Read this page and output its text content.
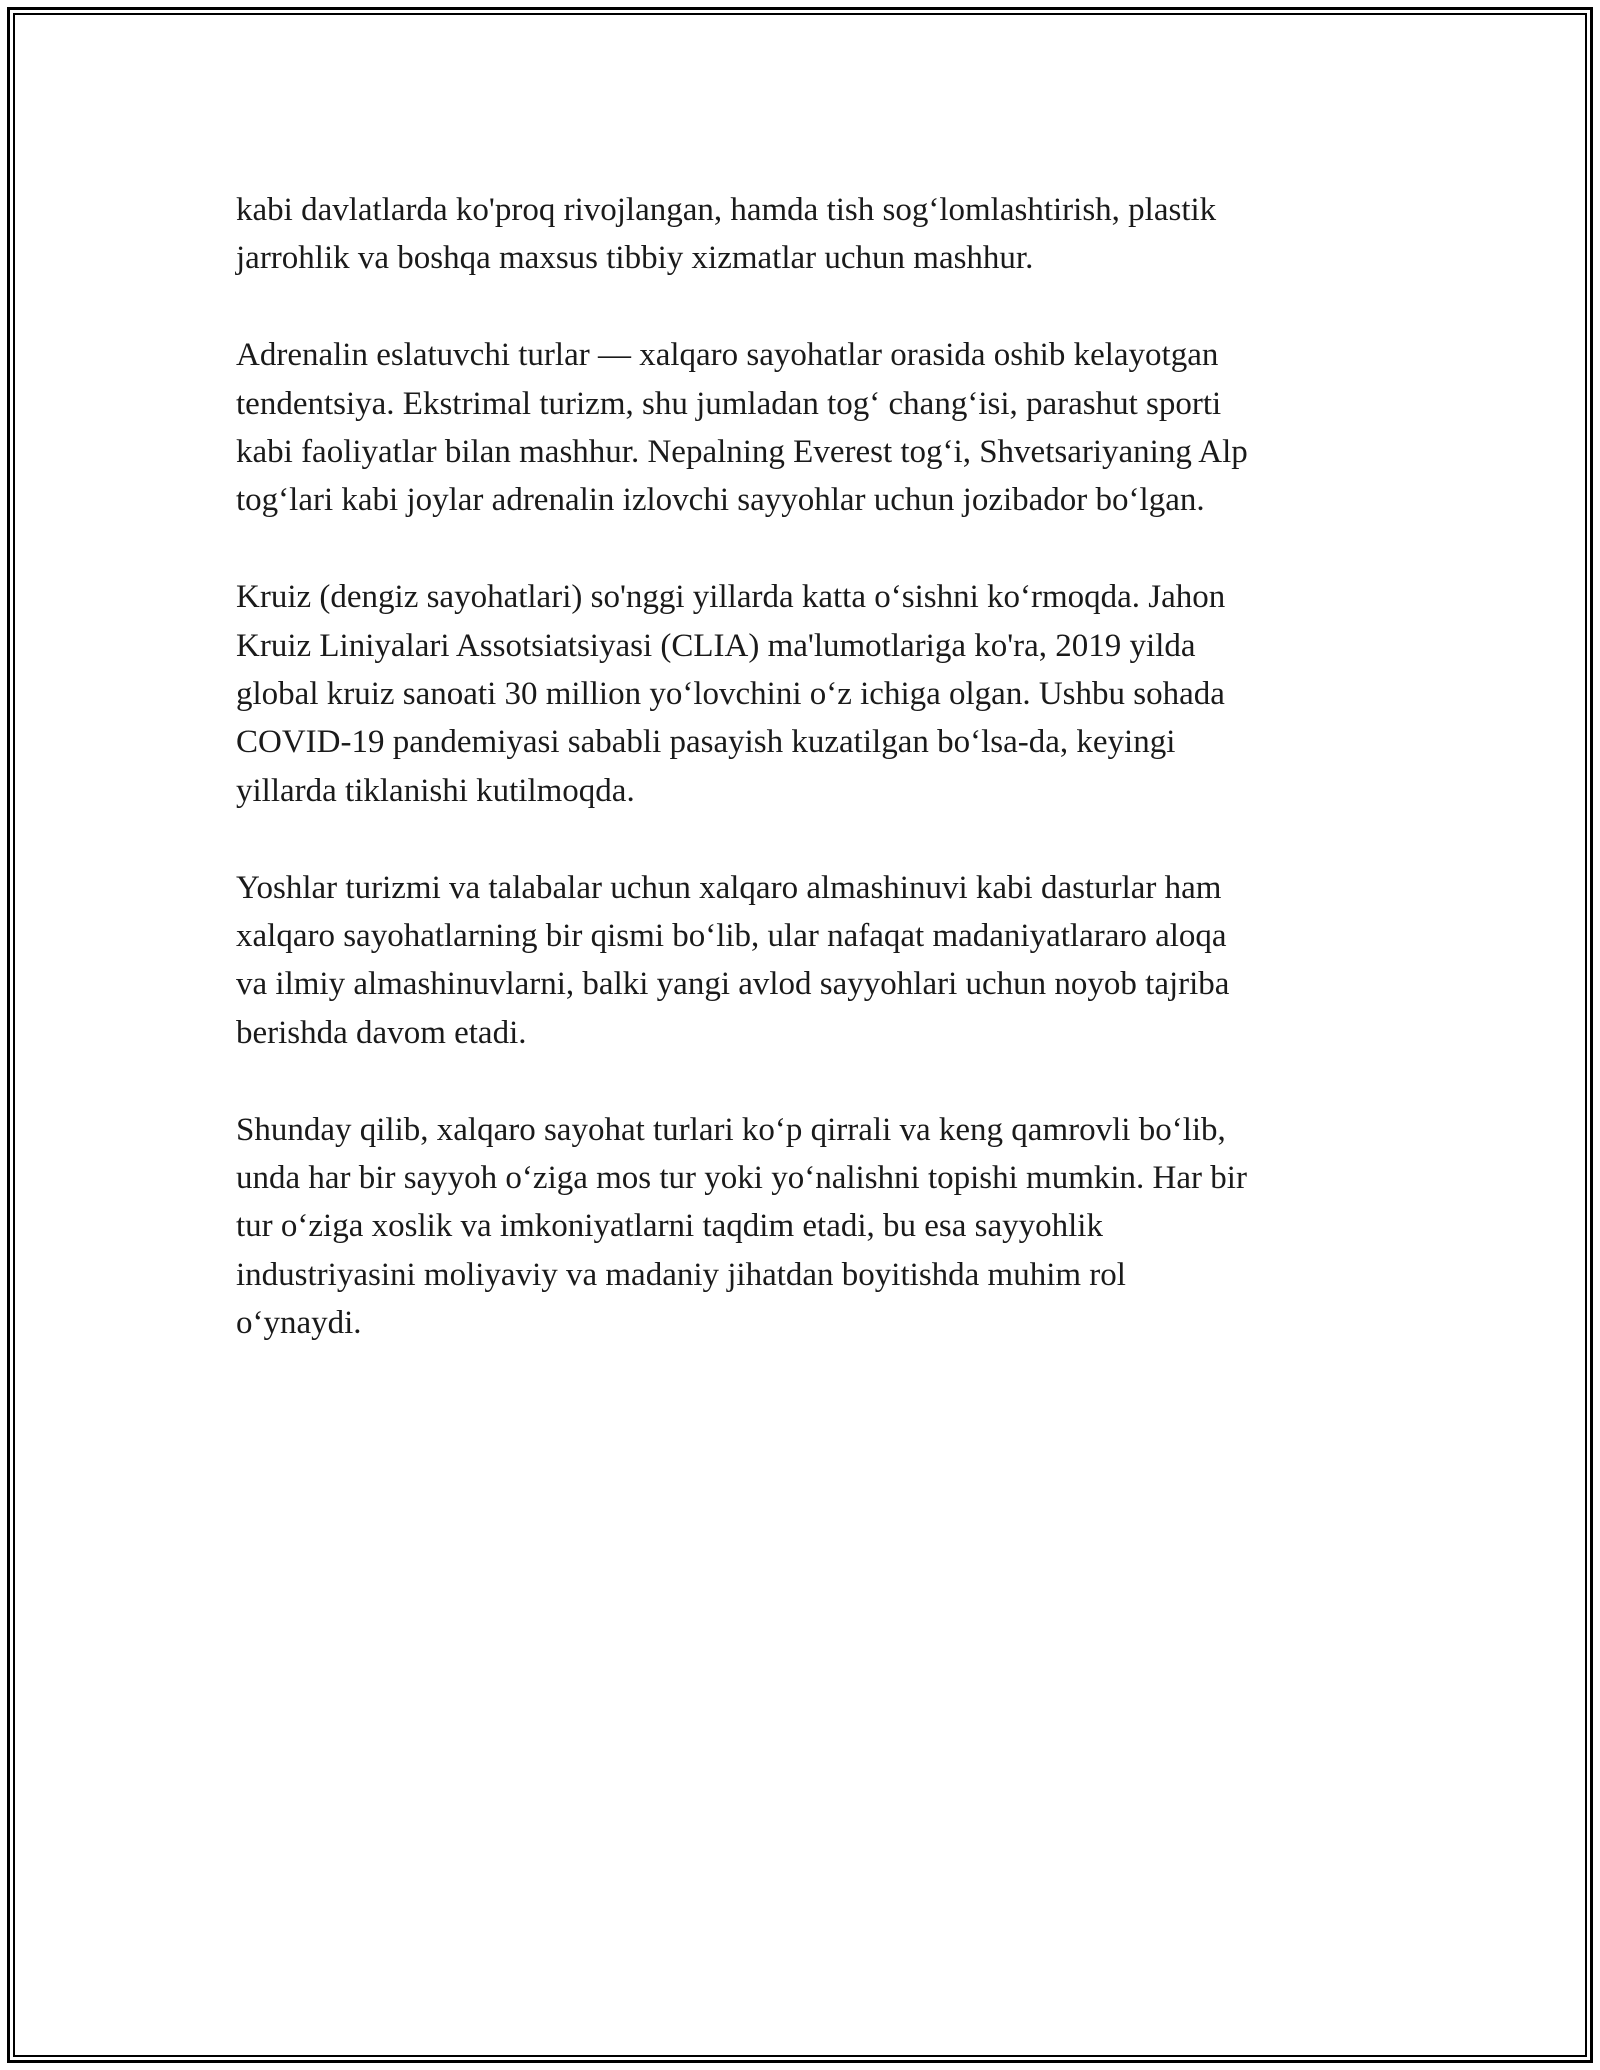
kabi davlatlarda ko'proq rivojlangan, hamda tish sog‘lomlashtirish, plastik
jarrohlik va boshqa maxsus tibbiy xizmatlar uchun mashhur.

Adrenalin eslatuvchi turlar — xalqaro sayohatlar orasida oshib kelayotgan
tendentsiya. Ekstrimal turizm, shu jumladan tog‘ chang‘isi, parashut sporti
kabi faoliyatlar bilan mashhur. Nepalning Everest tog‘i, Shvetsariyaning Alp
tog‘lari kabi joylar adrenalin izlovchi sayyohlar uchun jozibador bo‘lgan.

Kruiz (dengiz sayohatlari) so'nggi yillarda katta o‘sishni ko‘rmoqda. Jahon
Kruiz Liniyalari Assotsiatsiyasi (CLIA) ma'lumotlariga ko'ra, 2019 yilda
global kruiz sanoati 30 million yo‘lovchini o‘z ichiga olgan. Ushbu sohada
COVID-19 pandemiyasi sababli pasayish kuzatilgan bo‘lsa-da, keyingi
yillarda tiklanishi kutilmoqda.

Yoshlar turizmi va talabalar uchun xalqaro almashinuvi kabi dasturlar ham
xalqaro sayohatlarning bir qismi bo‘lib, ular nafaqat madaniyatlararo aloqa
va ilmiy almashinuvlarni, balki yangi avlod sayyohlari uchun noyob tajriba
berishda davom etadi.

Shunday qilib, xalqaro sayohat turlari ko‘p qirrali va keng qamrovli bo‘lib,
unda har bir sayyoh o‘ziga mos tur yoki yo‘nalishni topishi mumkin. Har bir
tur o‘ziga xoslik va imkoniyatlarni taqdim etadi, bu esa sayyohlik
industriyasini moliyaviy va madaniy jihatdan boyitishda muhim rol
o‘ynaydi.
